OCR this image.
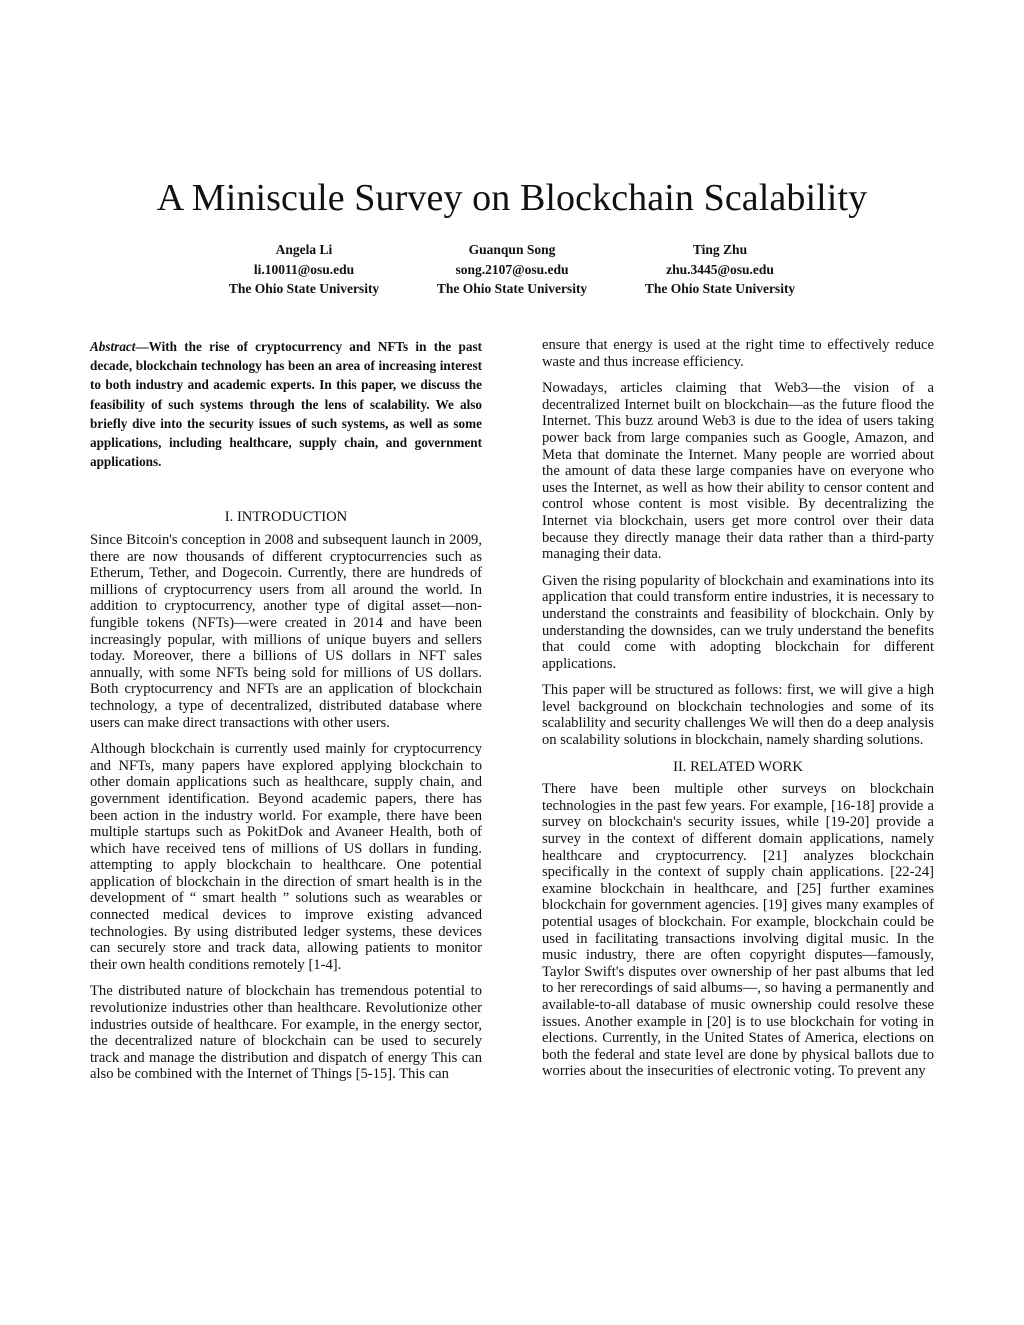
A Miniscule Survey on Blockchain Scalability
Angela Li
li.10011@osu.edu
The Ohio State University
Guanqun Song
song.2107@osu.edu
The Ohio State University
Ting Zhu
zhu.3445@osu.edu
The Ohio State University

Abstract—With the rise of cryptocurrency and NFTs in the past decade, blockchain technology has been an area of increasing interest to both industry and academic experts. In this paper, we discuss the feasibility of such systems through the lens of scalability. We also briefly dive into the security issues of such systems, as well as some applications, including healthcare, supply chain, and government applications.

I. INTRODUCTION

Since Bitcoin's conception in 2008 and subsequent launch in 2009, there are now thousands of different cryptocurrencies such as Etherum, Tether, and Dogecoin. Currently, there are hundreds of millions of cryptocurrency users from all around the world. In addition to cryptocurrency, another type of digital asset—non-fungible tokens (NFTs)—were created in 2014 and have been increasingly popular, with millions of unique buyers and sellers today. Moreover, there a billions of US dollars in NFT sales annually, with some NFTs being sold for millions of US dollars. Both cryptocurrency and NFTs are an application of blockchain technology, a type of decentralized, distributed database where users can make direct transactions with other users.

Although blockchain is currently used mainly for cryptocurrency and NFTs, many papers have explored applying blockchain to other domain applications such as healthcare, supply chain, and government identification. Beyond academic papers, there has been action in the industry world. For example, there have been multiple startups such as PokitDok and Avaneer Health, both of which have received tens of millions of US dollars in funding. attempting to apply blockchain to healthcare. One potential application of blockchain in the direction of smart health is in the development of “ smart health ” solutions such as wearables or connected medical devices to improve existing advanced technologies. By using distributed ledger systems, these devices can securely store and track data, allowing patients to monitor their own health conditions remotely [1-4].

The distributed nature of blockchain has tremendous potential to revolutionize industries other than healthcare. Revolutionize other industries outside of healthcare. For example, in the energy sector, the decentralized nature of blockchain can be used to securely track and manage the distribution and dispatch of energy This can also be combined with the Internet of Things [5-15]. This can

ensure that energy is used at the right time to effectively reduce waste and thus increase efficiency.

Nowadays, articles claiming that Web3—the vision of a decentralized Internet built on blockchain—as the future flood the Internet. This buzz around Web3 is due to the idea of users taking power back from large companies such as Google, Amazon, and Meta that dominate the Internet. Many people are worried about the amount of data these large companies have on everyone who uses the Internet, as well as how their ability to censor content and control whose content is most visible. By decentralizing the Internet via blockchain, users get more control over their data because they directly manage their data rather than a third-party managing their data.

Given the rising popularity of blockchain and examinations into its application that could transform entire industries, it is necessary to understand the constraints and feasibility of blockchain. Only by understanding the downsides, can we truly understand the benefits that could come with adopting blockchain for different applications.

This paper will be structured as follows: first, we will give a high level background on blockchain technologies and some of its scalablility and security challenges We will then do a deep analysis on scalability solutions in blockchain, namely sharding solutions.

II. RELATED WORK

There have been multiple other surveys on blockchain technologies in the past few years. For example, [16-18] provide a survey on blockchain's security issues, while [19-20] provide a survey in the context of different domain applications, namely healthcare and cryptocurrency. [21] analyzes blockchain specifically in the context of supply chain applications. [22-24] examine blockchain in healthcare, and [25] further examines blockchain for government agencies. [19] gives many examples of potential usages of blockchain. For example, blockchain could be used in facilitating transactions involving digital music. In the music industry, there are often copyright disputes—famously, Taylor Swift's disputes over ownership of her past albums that led to her rerecordings of said albums—, so having a permanently and available-to-all database of music ownership could resolve these issues. Another example in [20] is to use blockchain for voting in elections. Currently, in the United States of America, elections on both the federal and state level are done by physical ballots due to worries about the insecurities of electronic voting. To prevent any
